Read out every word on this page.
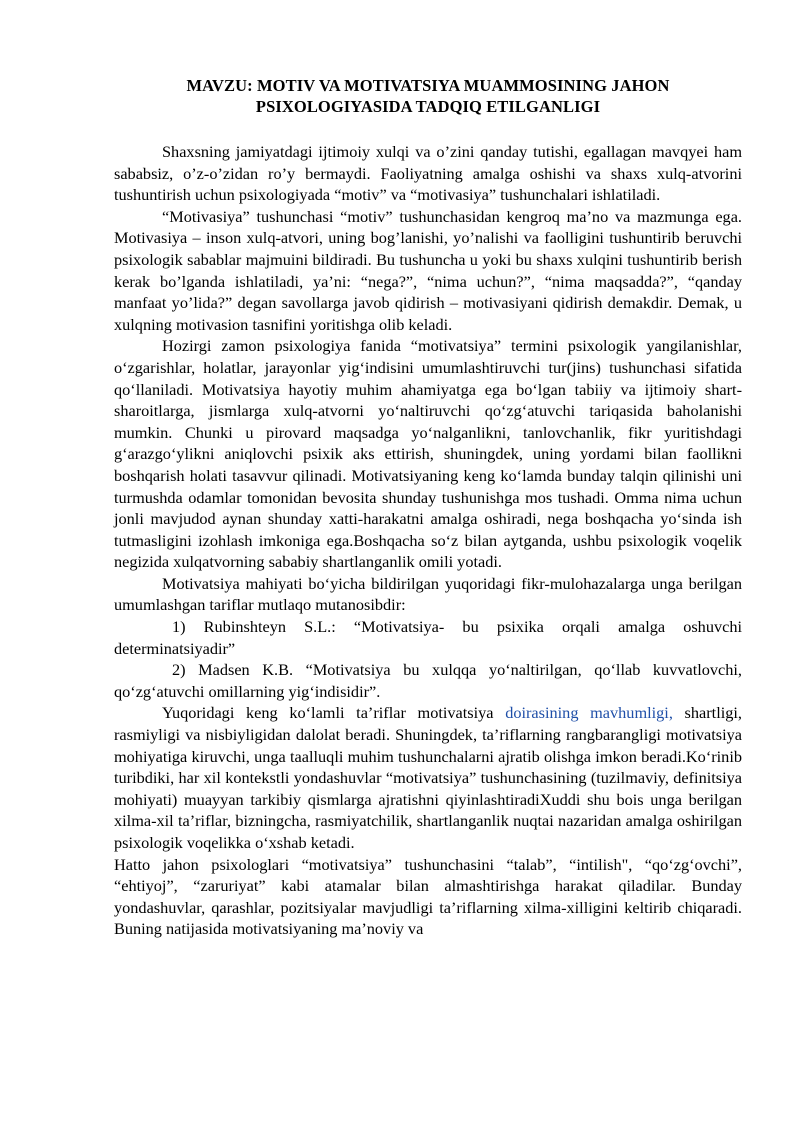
MAVZU: MOTIV VA MOTIVATSIYA MUAMMOSINING JAHON
PSIXOLOGIYASIDA TADQIQ ETILGANLIGI

Shaxsning jamiyatdagi ijtimoiy xulqi va o’zini qanday tutishi, egallagan mavqyei ham sababsiz, o’z-o’zidan ro’y bermaydi. Faoliyatning amalga oshishi va shaxs xulq-atvorini tushuntirish uchun psixologiyada “motiv” va “motivasiya” tushunchalari ishlatiladi.

“Motivasiya” tushunchasi “motiv” tushunchasidan kengroq ma’no va mazmunga ega. Motivasiya – inson xulq-atvori, uning bog’lanishi, yo’nalishi va faolligini tushuntirib beruvchi psixologik sabablar majmuini bildiradi. Bu tushuncha u yoki bu shaxs xulqini tushuntirib berish kerak bo’lganda ishlatiladi, ya’ni: “nega?”, “nima uchun?”, “nima maqsadda?”, “qanday manfaat yo’lida?” degan savollarga javob qidirish – motivasiyani qidirish demakdir. Demak, u xulqning motivasion tasnifini yoritishga olib keladi.

Hozirgi zamon psixologiya fanida “motivatsiya” termini psixologik yangilanishlar, o‘zgarishlar, holatlar, jarayonlar yig‘indisini umumlashtiruvchi tur(jins) tushunchasi sifatida qo‘llaniladi. Motivatsiya hayotiy muhim ahamiyatga ega bo‘lgan tabiiy va ijtimoiy shart-sharoitlarga, jismlarga xulq-atvorni yo‘naltiruvchi qo‘zg‘atuvchi tariqasida baholanishi mumkin. Chunki u pirovard maqsadga yo‘nalganlikni, tanlovchanlik, fikr yuritishdagi g‘arazgo‘ylikni aniqlovchi psixik aks ettirish, shuningdek, uning yordami bilan faollikni boshqarish holati tasavvur qilinadi. Motivatsiyaning keng ko‘lamda bunday talqin qilinishi uni turmushda odamlar tomonidan bevosita shunday tushunishga mos tushadi. Omma nima uchun jonli mavjudod aynan shunday xatti-harakatni amalga oshiradi, nega boshqacha yo‘sinda ish tutmasligini izohlash imkoniga ega.Boshqacha so‘z bilan aytganda, ushbu psixologik voqelik negizida xulqatvorning sababiy shartlanganlik omili yotadi.

Motivatsiya mahiyati bo‘yicha bildirilgan yuqoridagi fikr-mulohazalarga unga berilgan umumlashgan tariflar mutlaqo mutanosibdir:

1) Rubinshteyn S.L.: “Motivatsiya- bu psixika orqali amalga oshuvchi determinatsiyadir”

2) Madsen K.B. “Motivatsiya bu xulqqa yo‘naltirilgan, qo‘llab kuvvatlovchi, qo‘zg‘atuvchi omillarning yig‘indisidir”.

Yuqoridagi keng ko‘lamli ta’riflar motivatsiya doirasining mavhumligi, shartligi, rasmiyligi va nisbiyligidan dalolat beradi. Shuningdek, ta’riflarning rangbarangligi motivatsiya mohiyatiga kiruvchi, unga taalluqli muhim tushunchalarni ajratib olishga imkon beradi.Ko‘rinib turibdiki, har xil kontekstli yondashuvlar “motivatsiya” tushunchasining (tuzilmaviy, definitsiya mohiyati) muayyan tarkibiy qismlarga ajratishni qiyinlashtiradiXuddi shu bois unga berilgan xilma-xil ta’riflar, bizningcha, rasmiyatchilik, shartlanganlik nuqtai nazaridan amalga oshirilgan psixologik voqelikka o‘xshab ketadi.

Hatto jahon psixologlari “motivatsiya” tushunchasini “talab”, “intilish", “qo‘zg‘ovchi”, “ehtiyoj”, “zaruriyat” kabi atamalar bilan almashtirishga harakat qiladilar. Bunday yondashuvlar, qarashlar, pozitsiyalar mavjudligi ta’riflarning xilma-xilligini keltirib chiqaradi. Buning natijasida motivatsiyaning ma’noviy va
